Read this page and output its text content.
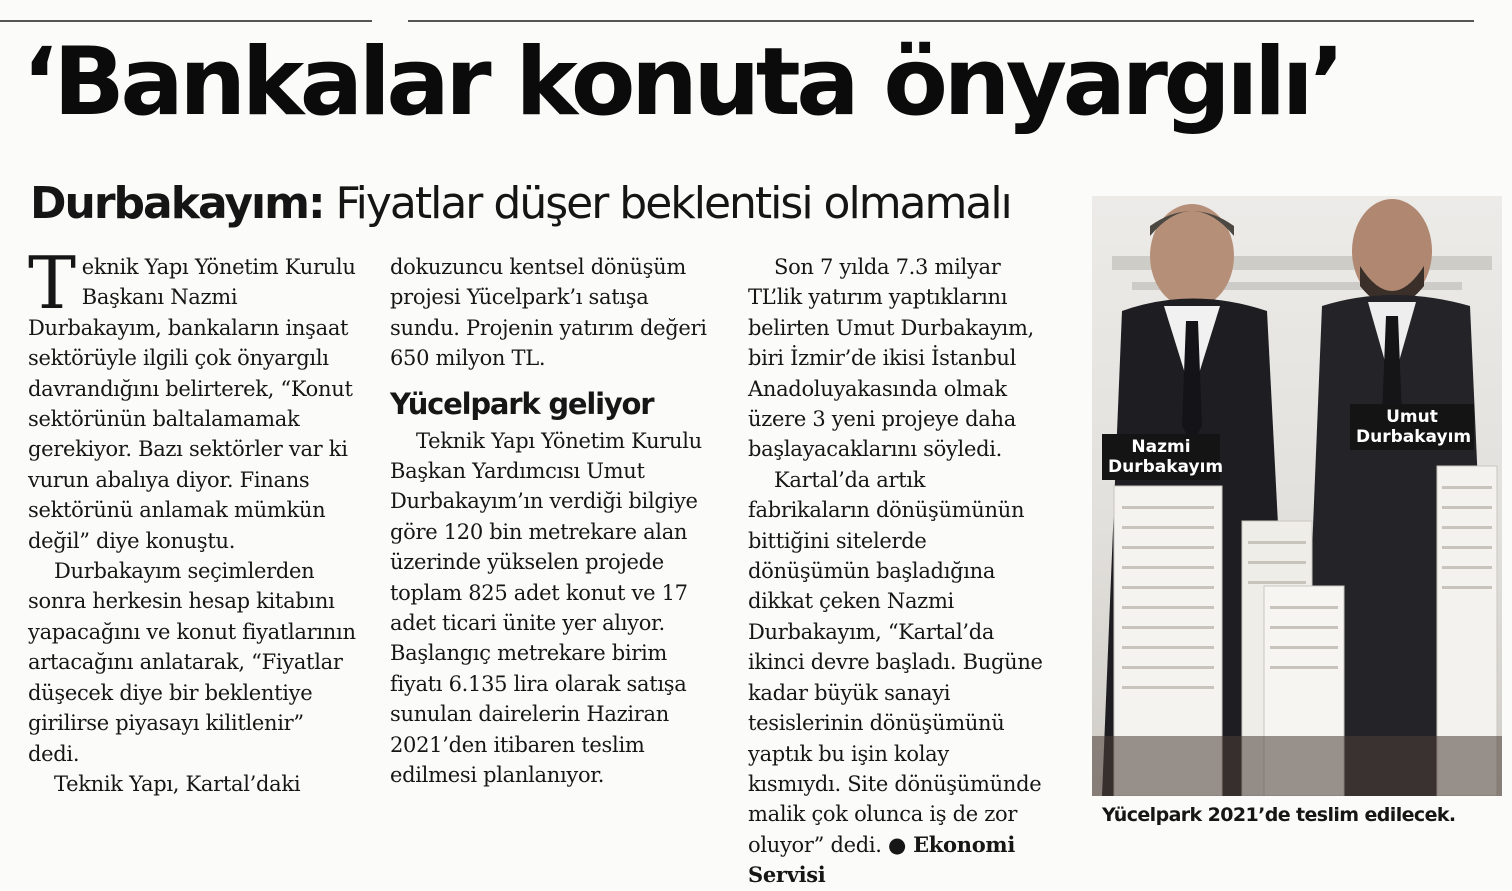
‘Bankalar konuta önyargılı’
Durbakayım: Fiyatlar düşer beklentisi olmamalı

Teknik Yapı Yönetim Kurulu Başkanı Nazmi Durbakayım, bankaların inşaat sektörüyle ilgili çok önyargılı davrandığını belirterek, “Konut sektörünün baltalamamak gerekiyor. Bazı sektörler var ki vurun abalıya diyor. Finans sektörünü anlamak mümkün değil” diye konuştu.

Durbakayım seçimlerden sonra herkesin hesap kitabını yapacağını ve konut fiyatlarının artacağını anlatarak, “Fiyatlar düşecek diye bir beklentiye girilirse piyasayı kilitlenir” dedi.

Teknik Yapı, Kartal’daki

dokuzuncu kentsel dönüşüm projesi Yücelpark’ı satışa sundu. Projenin yatırım değeri 650 milyon TL.

Yücelpark geliyor

Teknik Yapı Yönetim Kurulu Başkan Yardımcısı Umut Durbakayım’ın verdiği bilgiye göre 120 bin metrekare alan üzerinde yükselen projede toplam 825 adet konut ve 17 adet ticari ünite yer alıyor. Başlangıç metrekare birim fiyatı 6.135 lira olarak satışa sunulan dairelerin Haziran 2021’den itibaren teslim edilmesi planlanıyor.

Son 7 yılda 7.3 milyar TL’lik yatırım yaptıklarını belirten Umut Durbakayım, biri İzmir’de ikisi İstanbul Anadoluyakasında olmak üzere 3 yeni projeye daha başlayacaklarını söyledi.

Kartal’da artık fabrikaların dönüşümünün bittiğini sitelerde dönüşümün başladığına dikkat çeken Nazmi Durbakayım, “Kartal’da ikinci devre başladı. Bugüne kadar büyük sanayi tesislerinin dönüşümünü yaptık bu işin kolay kısmıydı. Site dönüşümünde malik çok olunca iş de zor oluyor” dedi. ● Ekonomi Servisi

Nazmi Durbakayım
Umut Durbakayım
Yücelpark 2021’de teslim edilecek.
